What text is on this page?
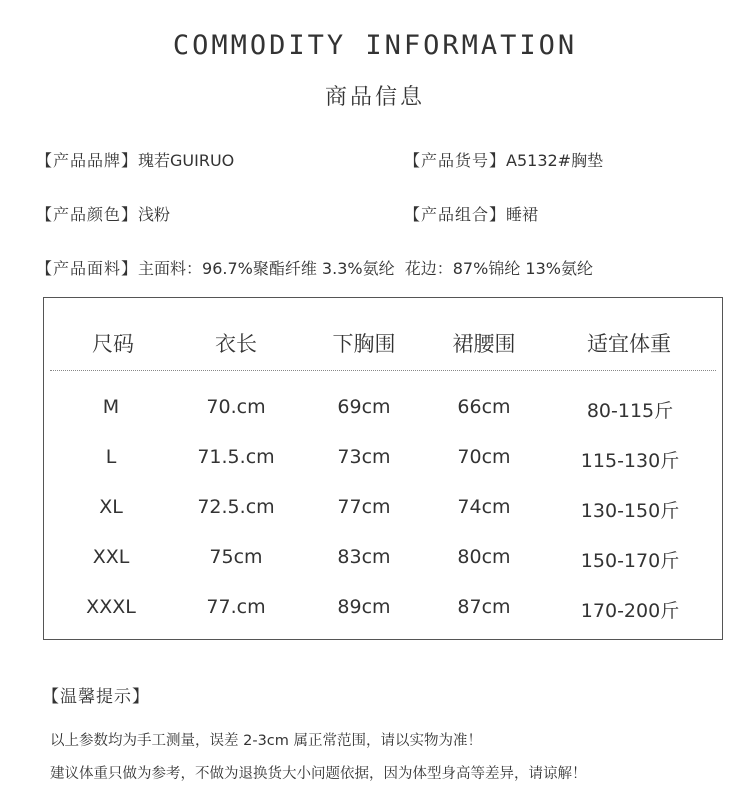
COMMODITY INFORMATION
商品信息
【产品品牌】瑰若GUIRUO	【产品货号】A5132#胸垫
【产品颜色】浅粉	【产品组合】睡裙
【产品面料】主面料：96.7%聚酯纤维 3.3%氨纶  花边：87%锦纶 13%氨纶
尺码	衣长	下胸围	裙腰围	适宜体重
M	70.cm	69cm	66cm	80-115斤
L	71.5.cm	73cm	70cm	115-130斤
XL	72.5.cm	77cm	74cm	130-150斤
XXL	75cm	83cm	80cm	150-170斤
XXXL	77.cm	89cm	87cm	170-200斤
【温馨提示】
以上参数均为手工测量，误差 2-3cm 属正常范围，请以实物为准！
建议体重只做为参考，不做为退换货大小问题依据，因为体型身高等差异，请谅解！
